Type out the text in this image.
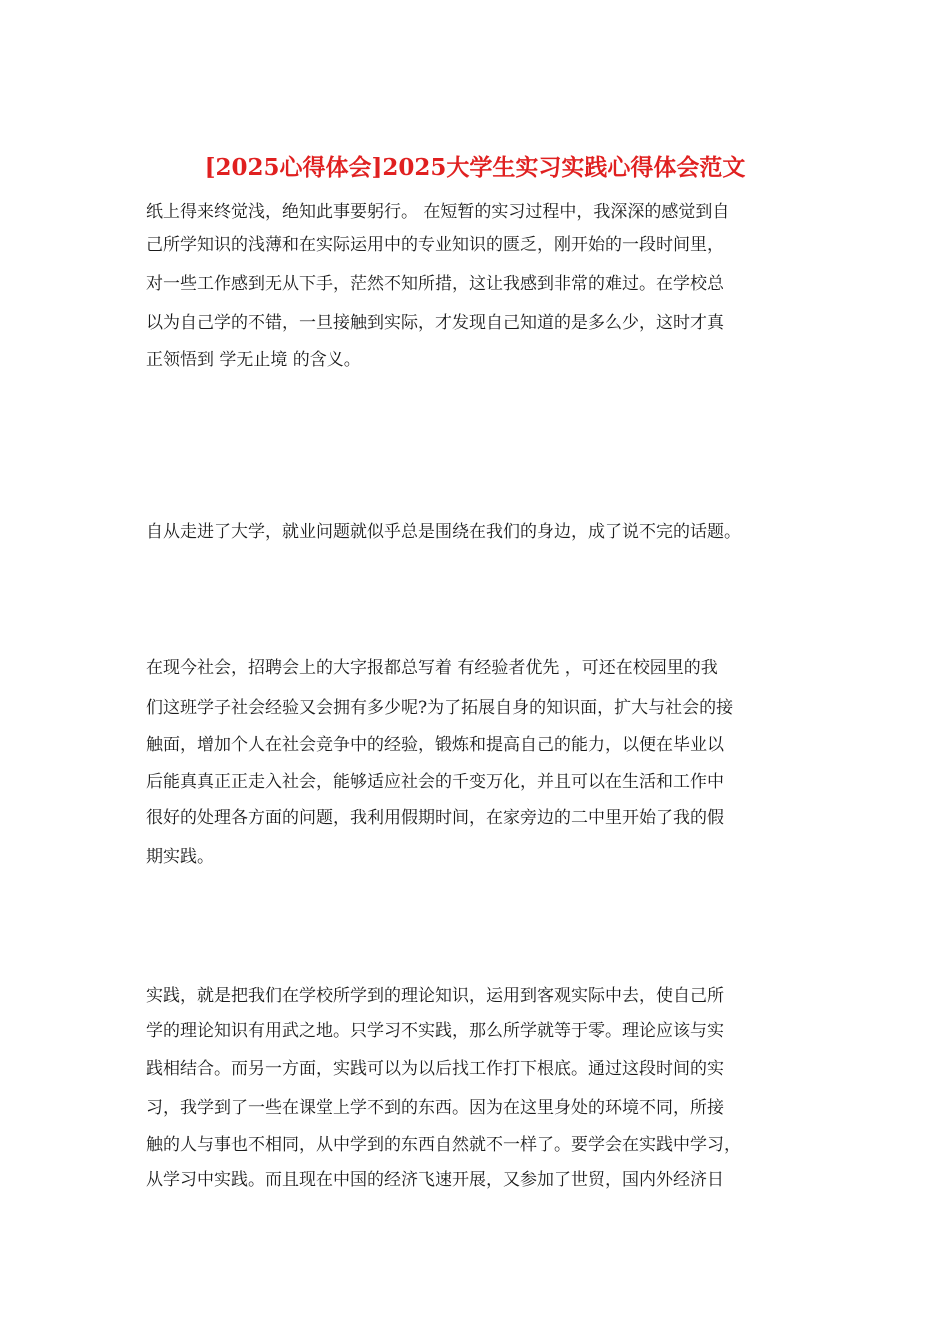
[2025心得体会]2025大学生实习实践心得体会范文

纸上得来终觉浅，绝知此事要躬行。 在短暂的实习过程中，我深深的感觉到自

己所学知识的浅薄和在实际运用中的专业知识的匮乏，刚开始的一段时间里，

对一些工作感到无从下手，茫然不知所措，这让我感到非常的难过。在学校总

以为自己学的不错，一旦接触到实际，才发现自己知道的是多么少，这时才真

正领悟到 学无止境 的含义。

自从走进了大学，就业问题就似乎总是围绕在我们的身边，成了说不完的话题。

在现今社会，招聘会上的大字报都总写着 有经验者优先 ，可还在校园里的我

们这班学子社会经验又会拥有多少呢?为了拓展自身的知识面，扩大与社会的接

触面，增加个人在社会竞争中的经验，锻炼和提高自己的能力，以便在毕业以

后能真真正正走入社会，能够适应社会的千变万化，并且可以在生活和工作中

很好的处理各方面的问题，我利用假期时间，在家旁边的二中里开始了我的假

期实践。

实践，就是把我们在学校所学到的理论知识，运用到客观实际中去，使自己所

学的理论知识有用武之地。只学习不实践，那么所学就等于零。理论应该与实

践相结合。而另一方面，实践可以为以后找工作打下根底。通过这段时间的实

习，我学到了一些在课堂上学不到的东西。因为在这里身处的环境不同，所接

触的人与事也不相同，从中学到的东西自然就不一样了。要学会在实践中学习，

从学习中实践。而且现在中国的经济飞速开展，又参加了世贸，国内外经济日
